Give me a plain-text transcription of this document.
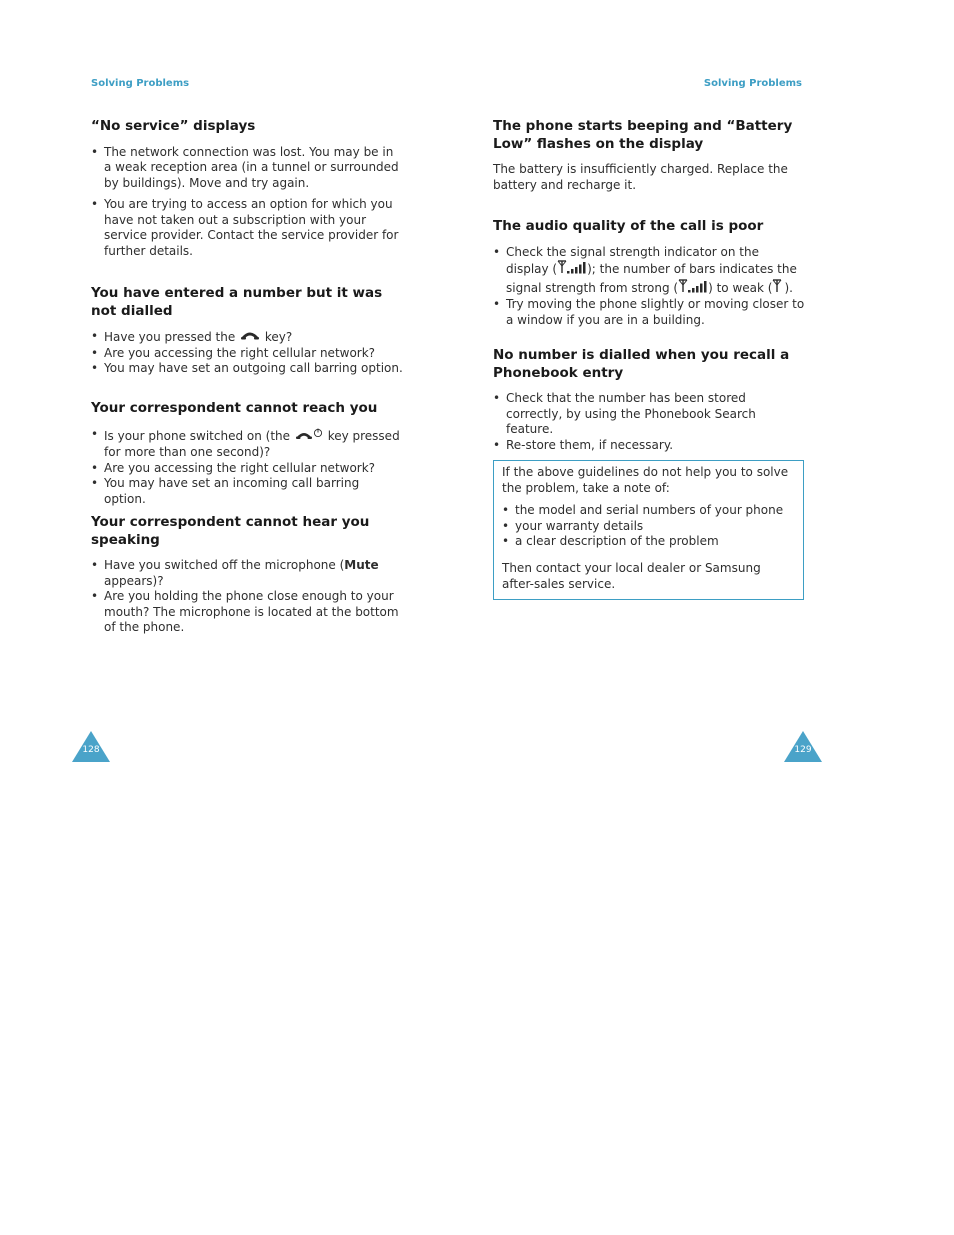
Solving Problems
“No service” displays
• The network connection was lost. You may be in a weak reception area (in a tunnel or surrounded by buildings). Move and try again.
• You are trying to access an option for which you have not taken out a subscription with your service provider. Contact the service provider for further details.
You have entered a number but it was not dialled
• Have you pressed the key?
• Are you accessing the right cellular network?
• You may have set an outgoing call barring option.
Your correspondent cannot reach you
• Is your phone switched on (the	key pressed for more than one second)?
• Are you accessing the right cellular network?
• You may have set an incoming call barring option.
Your correspondent cannot hear you speaking
• Have you switched off the microphone (Mute appears)?
• Are you holding the phone close enough to your mouth? The microphone is located at the bottom of the phone.
128
Solving Problems
The phone starts beeping and “Battery Low” flashes on the display

The battery is insufficiently charged. Replace the battery and recharge it.

The audio quality of the call is poor
• Check the signal strength indicator on the display (	); the number of bars indicates the signal strength from strong (	) to weak ( ).
• Try moving the phone slightly or moving closer to a window if you are in a building.
No number is dialled when you recall a Phonebook entry
• Check that the number has been stored correctly, by using the Phonebook Search feature.
• Re-store them, if necessary.

If the above guidelines do not help you to solve the problem, take a note of:

• the model and serial numbers of your phone
• your warranty details
• a clear description of the problem

Then contact your local dealer or Samsung after-sales service.

129
